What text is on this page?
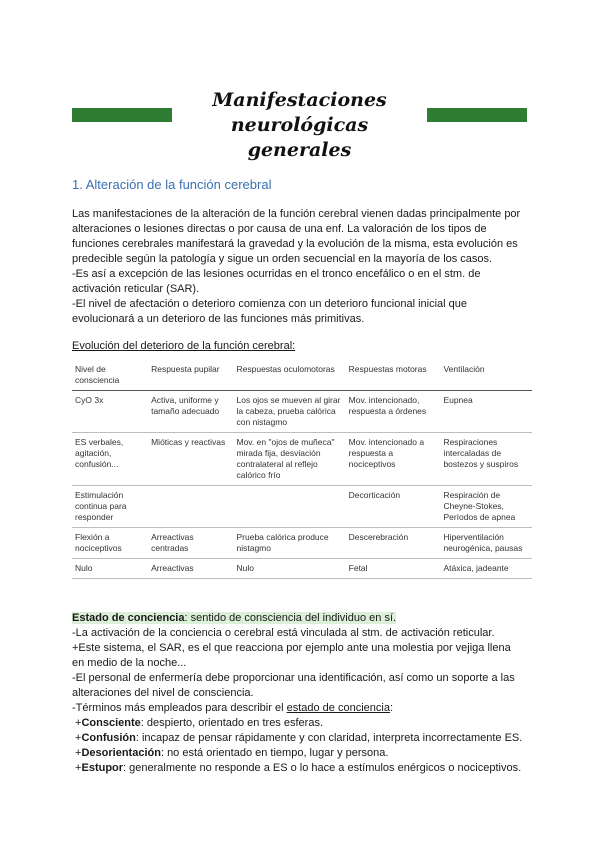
Manifestaciones neurológicas
generales
1. Alteración de la función cerebral
Las manifestaciones de la alteración de la función cerebral vienen dadas principalmente por
alteraciones o lesiones directas o por causa de una enf. La valoración de los tipos de
funciones cerebrales manifestará la gravedad y la evolución de la misma, esta evolución es
predecible según la patología y sigue un orden secuencial en la mayoría de los casos.
-Es así a excepción de las lesiones ocurridas en el tronco encefálico o en el stm. de
activación reticular (SAR).
-El nivel de afectación o deterioro comienza con un deterioro funcional inicial que
evolucionará a un deterioro de las funciones más primitivas.
Evolución del deterioro de la función cerebral:
Nivel de consciencia	Respuesta pupilar	Respuestas oculomotoras	Respuestas motoras	Ventilación
CyO 3x	Activa, uniforme y tamaño adecuado	Los ojos se mueven al girar la cabeza, prueba calórica con nistagmo	Mov. intencionado, respuesta a órdenes	Eupnea
ES verbales, agitación, confusión...	Mióticas y reactivas	Mov. en "ojos de muñeca" mirada fija, desviación contralateral al reflejo calórico frío	Mov. intencionado a respuesta a nociceptivos	Respiraciones intercaladas de bostezos y suspiros
Estimulación continua para responder			Decorticación	Respiración de Cheyne-Stokes, Períodos de apnea
Flexión a nociceptivos	Arreactivas centradas	Prueba calórica produce nistagmo	Descerebración	Hiperventilación neurogénica, pausas
Nulo	Arreactivas	Nulo	Fetal	Atáxica, jadeante
Estado de conciencia: sentido de consciencia del individuo en sí.
-La activación de la conciencia o cerebral está vinculada al stm. de activación reticular.
+Este sistema, el SAR, es el que reacciona por ejemplo ante una molestia por vejiga llena
en medio de la noche...
-El personal de enfermería debe proporcionar una identificación, así como un soporte a las
alteraciones del nivel de consciencia.
-Términos más empleados para describir el estado de conciencia:
+Consciente: despierto, orientado en tres esferas.
+Confusión: incapaz de pensar rápidamente y con claridad, interpreta incorrectamente ES.
+Desorientación: no está orientado en tiempo, lugar y persona.
+Estupor: generalmente no responde a ES o lo hace a estímulos enérgicos o nociceptivos.
